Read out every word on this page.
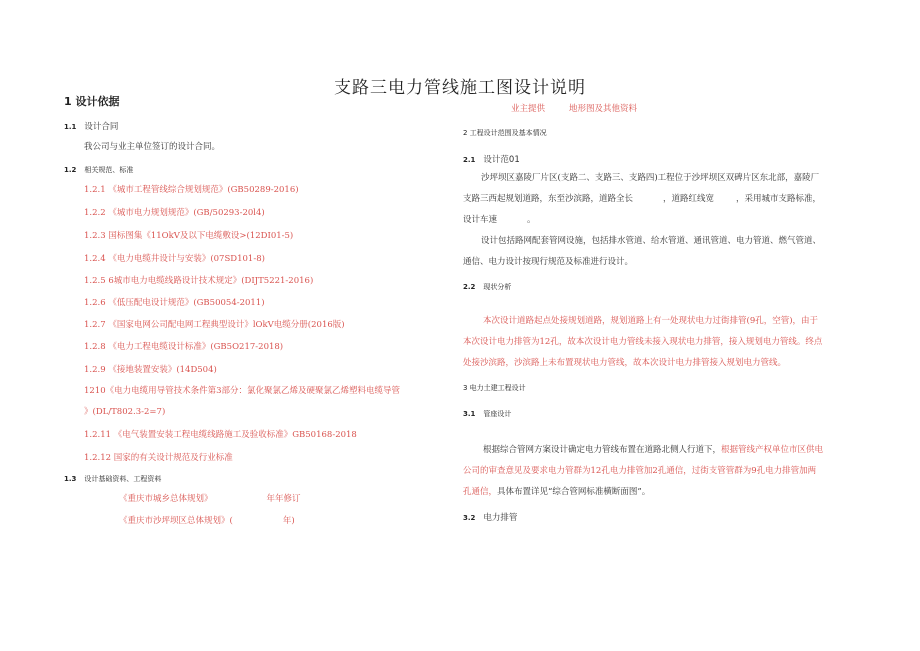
支路三电力管线施工图设计说明
1 设计依据
1.1 设计合同
我公司与业主单位签订的设计合同。
1.2 相关规范、标准
1.2.1 《城市工程管线综合规划规范》(GB50289-2016)
1.2.2 《城市电力规划规范》(GB/50293-20l4)
1.2.3 国标图集《11OkV及以下电缆敷设>(12DI01-5)
1.2.4 《电力电缆井设计与安装》(07SD101-8)
1.2.5 6城市电力电缆线路设计技术规定》(DIJT5221-2016)
1.2.6 《低压配电设计规范》(GB50054-2011)
1.2.7 《国家电网公司配电网工程典型设计》lOkV电缆分册(2016版)
1.2.8 《电力工程电缆设计标准》(GB5O217-2018)
1.2.9 《接地装置安装》(14D504)
1210《电力电缆用导管技术条件第3部分：氯化聚氯乙烯及硬聚氯乙烯塑料电缆导管
》(DL/T802.3-2=7)
1.2.11 《电气装置安装工程电缆线路施工及验收标准》GB50168-2018
1.2.12 国家的有关设计规范及行业标准
1.3 设计基础资料、工程资料
《重庆市城乡总体规划》	年年修订
《重庆市沙坪坝区总体规划》(	年)
业主提供	地形图及其他资料
2 工程设计范围及基本情况
2.1 设计范01
沙坪坝区嘉陵厂片区(支路二、支路三、支路四)工程位于沙坪坝区双碑片区东北部，嘉陵厂
支路三西起规划道路，东至沙滨路，道路全长	，道路红线宽	，采用城市支路标准，
设计车速	。
设计包括路网配套管网设施，包括排水管道、给水管道、通讯管道、电力管道、燃气管道、
通信、电力设计按现行规范及标准进行设计。
2.2 现状分析
本次设计道路起点处接规划道路，规划道路上有一处现状电力过街排管(9孔，空管)，由于
本次设计电力排管为12孔，故本次设计电力管线未接入现状电力排管，接入规划电力管线。终点
处接沙滨路，沙滨路上未布置现状电力管线，故本次设计电力排管接入规划电力管线。
3 电力土建工程设计
3.1 管座设计
根据综合管网方案设计确定电力管线布置在道路北侧人行道下，根据管线产权单位市区供电
公司的审查意见及要求电力管群为12孔电力排管加2孔通信，过街支管管群为9孔电力排管加两
孔通信，具体布置详见“综合管网标准横断面图”。
3.2 电力排管
